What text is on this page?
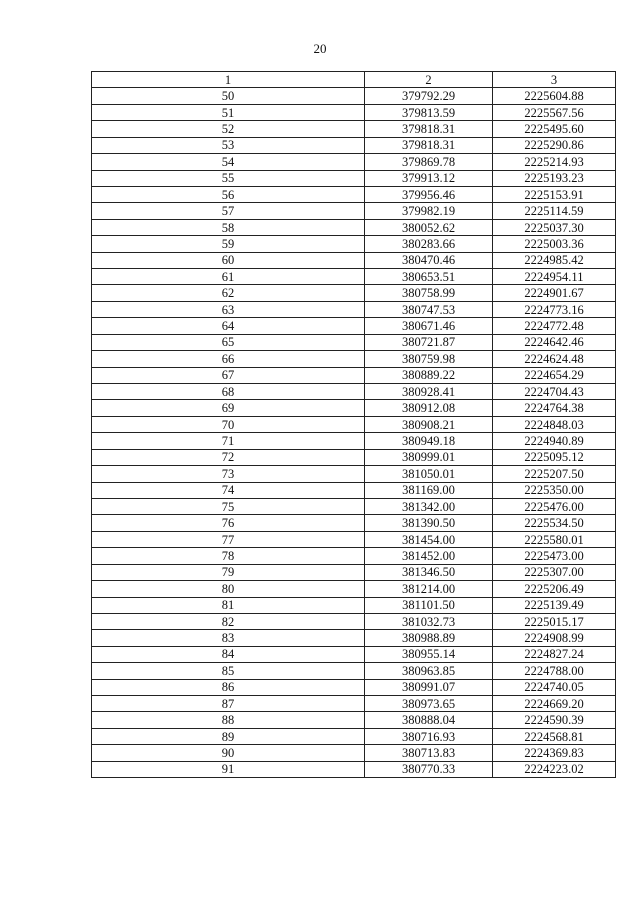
20
1	2	3
50	379792.29	2225604.88
51	379813.59	2225567.56
52	379818.31	2225495.60
53	379818.31	2225290.86
54	379869.78	2225214.93
55	379913.12	2225193.23
56	379956.46	2225153.91
57	379982.19	2225114.59
58	380052.62	2225037.30
59	380283.66	2225003.36
60	380470.46	2224985.42
61	380653.51	2224954.11
62	380758.99	2224901.67
63	380747.53	2224773.16
64	380671.46	2224772.48
65	380721.87	2224642.46
66	380759.98	2224624.48
67	380889.22	2224654.29
68	380928.41	2224704.43
69	380912.08	2224764.38
70	380908.21	2224848.03
71	380949.18	2224940.89
72	380999.01	2225095.12
73	381050.01	2225207.50
74	381169.00	2225350.00
75	381342.00	2225476.00
76	381390.50	2225534.50
77	381454.00	2225580.01
78	381452.00	2225473.00
79	381346.50	2225307.00
80	381214.00	2225206.49
81	381101.50	2225139.49
82	381032.73	2225015.17
83	380988.89	2224908.99
84	380955.14	2224827.24
85	380963.85	2224788.00
86	380991.07	2224740.05
87	380973.65	2224669.20
88	380888.04	2224590.39
89	380716.93	2224568.81
90	380713.83	2224369.83
91	380770.33	2224223.02
